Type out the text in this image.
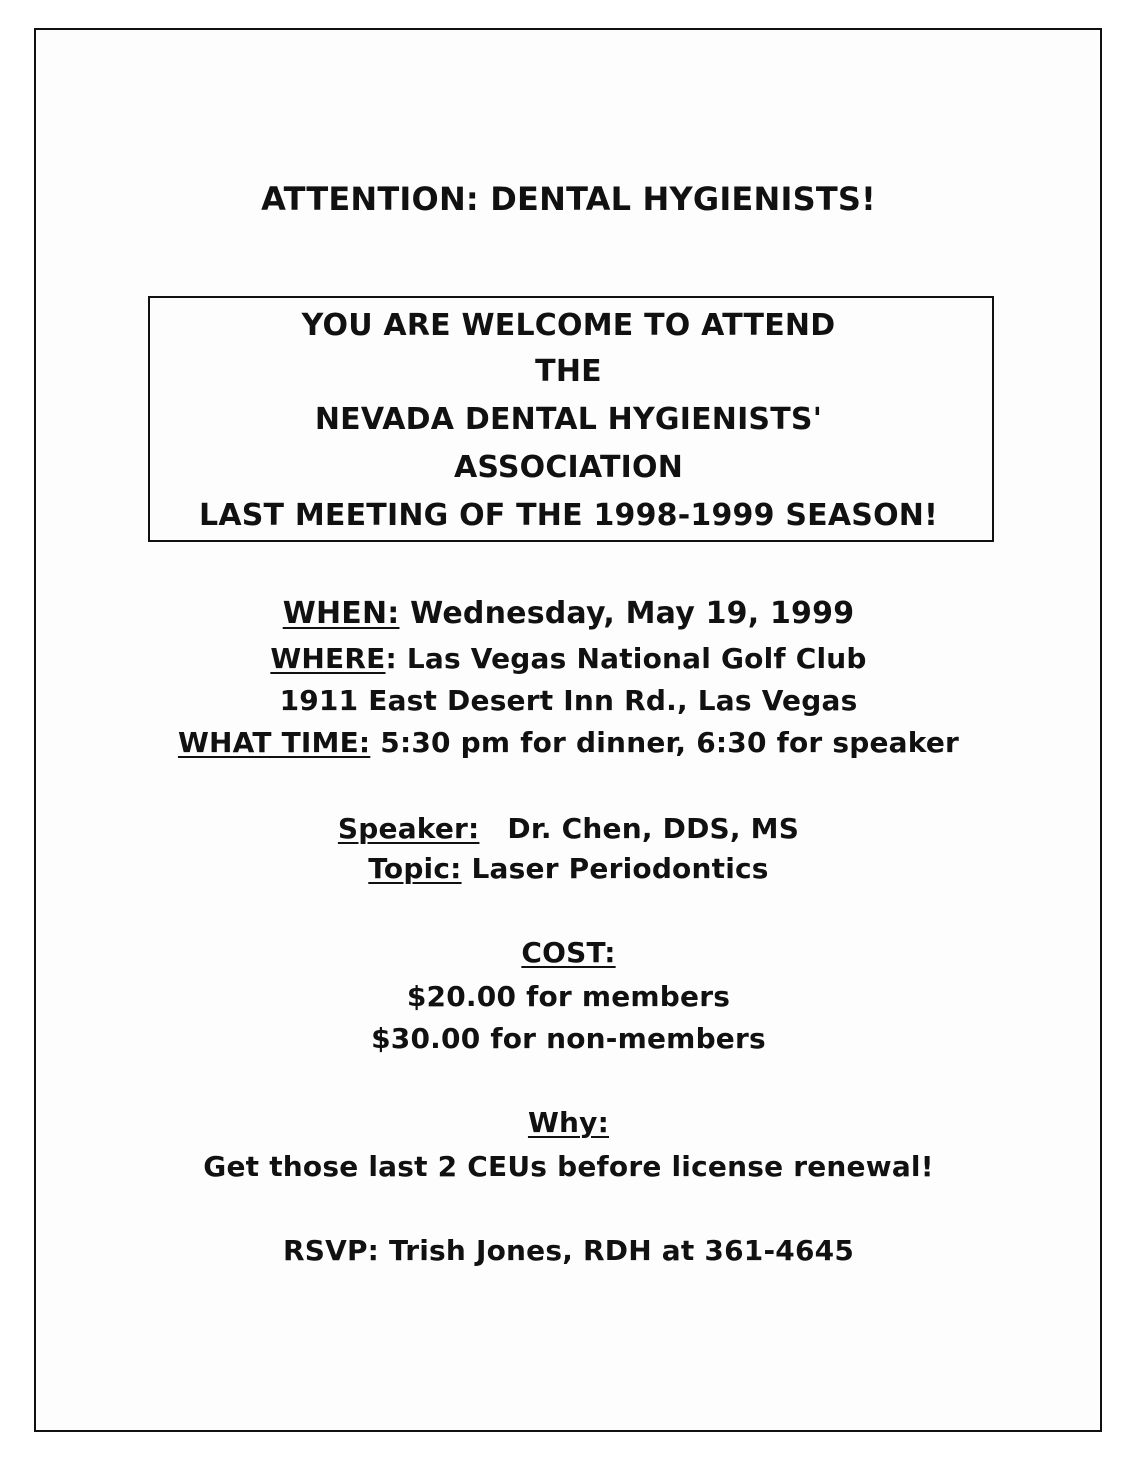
ATTENTION: DENTAL HYGIENISTS!
YOU ARE WELCOME TO ATTEND
THE
NEVADA DENTAL HYGIENISTS'
ASSOCIATION
LAST MEETING OF THE 1998-1999 SEASON!
WHEN: Wednesday, May 19, 1999
WHERE: Las Vegas National Golf Club
1911 East Desert Inn Rd., Las Vegas
WHAT TIME: 5:30 pm for dinner, 6:30 for speaker
Speaker: Dr. Chen, DDS, MS
Topic: Laser Periodontics
COST:
$20.00 for members
$30.00 for non-members
Why:
Get those last 2 CEUs before license renewal!
RSVP: Trish Jones, RDH at 361-4645
